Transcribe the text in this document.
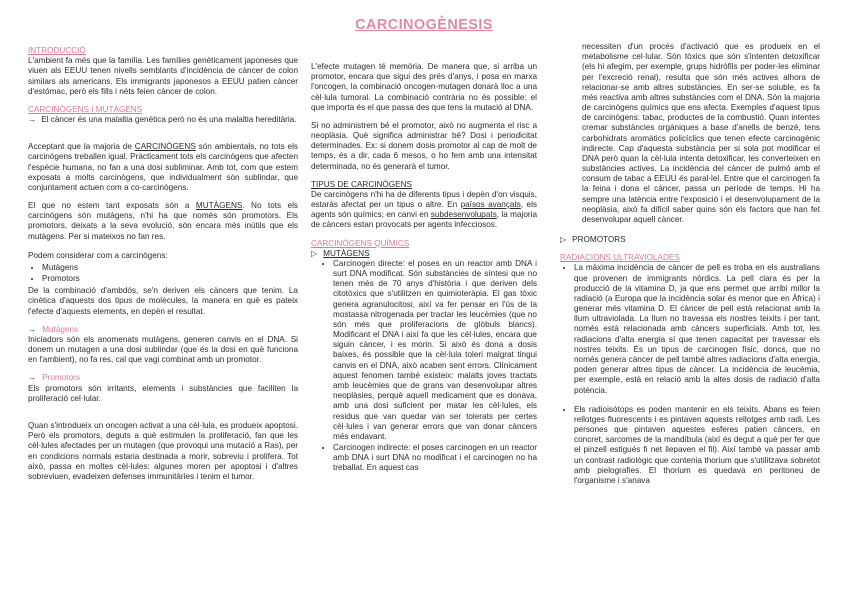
CARCINOGÈNESIS
INTRODUCCIÓ

L'ambient fa més que la família. Les famílies genèticament japoneses que viuen als EEUU tenen nivells semblants d'incidència de càncer de colon similars als americans. Els immigrants japonesos a EEUU patien càncer d'estómac, però els fills i néts feien càncer de colon.

CARCINÒGENS I MUTÀGENS
→ El càncer és una malaltia genètica però no és una malaltia hereditària.

Acceptant que la majoria de CARCINÒGENS són ambientals, no tots els carcinògens treballen igual. Pràcticament tots els carcinògens que afecten l'espècie humana, no fan a una dosi subliminar. Amb tot, com que estem exposats a molts carcinògens, que individualment són sublindar, que conjuntament actuen com a co-carcinògens.

El que no estem tant exposats són a MUTÀGENS. No tots els carcinògens són mutàgens, n'hi ha que només són promotors. Els promotors, deixats a la seva evolució, són encara més inútils que els mutàgens. Per si mateixos no fan res.

Podem considerar com a carcinògens:

• Mutàgens
• Promotors

De la combinació d'ambdós, se'n deriven els càncers que tenim. La cinètica d'aquests dos tipus de molècules, la manera en què es pateix l'efecte d'aquests elements, en depèn el resultat.

→ Mutàgens

Iniciadors són els anomenats mutàgens, generen canvis en el DNA. Si donem un mutagen a una dosi sublindar (que és la dosi en què funciona en l'ambient), no fa res, cal que vagi combinat amb un promotor.

→ Promotors

Els promotors són irritants, elements i substàncies que faciliten la proliferació cel·lular.

Quan s'introdueix un oncogen activat a una cèl·lula, es produeix apoptosi. Però els promotors, deguts a què estimulen la proliferació, fan que les cèl·lules afectades per un mutagen (que provoqui una mutació a Ras), per en condicions normals estaria destinada a morir, sobreviu i prolifera. Tot això, passa en moltes cèl·lules: algunes moren per apoptosi i d'altres sobreviuen, evadeixen defenses immunitàries i tenim el tumor.

L'efecte mutagen té memòria. De manera que, si arriba un promotor, encara que sigui des prés d'anys, i posa en marxa l'oncogen, la combinació oncogen-mutagen donarà lloc a una cèl·lula tumoral. La combinació contrària no és possible: el que importa és el que passa des que tens la mutació al DNA.

Si no administrem bé el promotor, això no augmenta el risc a neoplàsia. Què significa administrar bé? Dosi i periodicitat determinades. Ex: si donem dosis promotor al cap de molt de temps, és a dir, cada 6 mesos, o ho fem amb una intensitat determinada, no és generarà el tumor.

TIPUS DE CARCINÒGENS

De carcinògens n'hi ha de diferents tipus i depèn d'on visquis, estaràs afectat per un tipus o altre. En països avançats, els agents són químics; en canvi en subdesenvolupats, la majoria de càncers estan provocats per agents infecciosos.

CARCINÒGENS QUÍMICS
▷ MUTÀGENS
• Carcinogen directe: el poses en un reactor amb DNA i surt DNA modificat. Són substàncies de síntesi que no tenen més de 70 anys d'història i que deriven dels citotòxics que s'utilitzen en quimioteràpia. El gas tòxic genera agranulocitosi, així va fer pensar en l'ús de la mostassa nitrogenada per tractar les leucèmies (que no són més que proliferacions de glòbuls blancs). Modificant el DNA i així fa que les cèl·lules, encara que siguin càncer, i es morin. Si això és dona a dosis baixes, és possible que la cèl·lula toleri malgrat tingui canvis en el DNA, això acaben sent errors. Clínicament aquest fenomen també existeix: malalts joves tractats amb leucèmies que de grans van desenvolupar altres neoplàsies, perquè aquell medicament que es donava, amb una dosi suficient per matar les cèl·lules, els residus que van quedar van ser tolerats per certes cèl·lules i van generar errors que van donar càncers més endavant.
• Carcinogen indirecte: el poses carcinogen en un reactor amb DNA i surt DNA no modificat i el carcinogen no ha treballat. En aquest cas

necessiten d'un procés d'activació que es produeix en el metabolisme cel·lular. Són tòxics que són s'intenten detoxificar (els hi afegim, per exemple, grups hidròfils per poder-les eliminar per l'excreció renal), resulta que són més actives alhora de relacionar-se amb altres substàncies. En ser-se soluble, es fa més reactiva amb altres substàncies com el DNA. Són la majoria de carcinògens químics que ens afecta. Exemples d'aquest tipus de carcinògens: tabac, productes de la combustió. Quan intentes cremar substàncies orgàniques a base d'anells de benzè, tens carbohidrats aromàtics policíclics que tenen efecte carcinogènic indirecte. Cap d'aquesta substància per si sola pot modificar el DNA però quan la cèl·lula intenta detoxificar, les converteixen en substàncies actives. La incidència del càncer de pulmó amb el consum de tabac a EEUU és paral·lel. Entre que el carcinogen fa la feina i dona el càncer, passa un període de temps. Hi ha sempre una latència entre l'exposició i el desenvolupament de la neoplàsia, això fa difícil saber quins són els factors que han fet desenvolupar aquell càncer.

▷ PROMOTORS
RADIACIONS ULTRAVIOLADES
• La màxima incidència de càncer de pell es troba en els australians que provenen de immigrants nòrdics. La pell clara és per la producció de la vitamina D, ja que ens permet que arribi millor la radiació (a Europa que la incidència solar és menor que en Àfrica) i generar més vitamina D. El càncer de pell està relacionat amb la llum ultraviolada. La llum no travessa els nostres teixits i per tant, només està relacionada amb càncers superficials. Amb tot, les radiacions d'alta energia sí que tenen capacitat per travessar els nostres teixits. És un tipus de carcinogen físic, doncs, que no només genera càncer de pell també altres radiacions d'alta energia, poden generar altres tipus de càncer. La incidència de leucèmia, per exemple, està en relació amb la altes dosis de radiació d'alta potència.
• Els radioisòtops es poden mantenir en els teixits. Abans es feien rellotges fluorescents i es pintaven aquests rellotges amb radi. Les persones que pintaven aquestes esferes patien càncers, en concret, sarcomes de la mandíbula (així és degut a què per fer que el pinzell estigués fi net llepaven el fil). Així també va passar amb un contrast radiològic que contenia thorium que s'utilitzava sobretot amb pielografies. El thorium es quedava en peritoneu de l'organisme i s'anava
